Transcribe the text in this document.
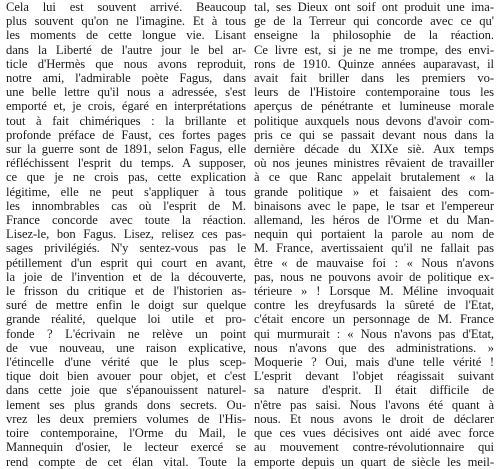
Cela lui est souvent arrivé. Beaucoup
plus souvent qu'on ne l'imagine. Et à tous
les moments de cette longue vie. Lisant
dans la Liberté de l'autre jour le bel ar-
ticle d'Hermès que nous avons reproduit,
notre ami, l'admirable poète Fagus, dans
une belle lettre qu'il nous a adressée, s'est
emporté et, je crois, égaré en interprétations
tout à fait chimériques : la brillante et
profonde préface de Faust, ces fortes pages
sur la guerre sont de 1891, selon Fagus, elle
réfléchissent l'esprit du temps. A supposer,
ce que je ne crois pas, cette explication
légitime, elle ne peut s'appliquer à tous
les innombrables cas où l'esprit de M.
France concorde avec toute la réaction.
Lisez-le, bon Fagus. Lisez, relisez ces pas-
sages privilégiés. N'y sentez-vous pas le
pétillement d'un esprit qui court en avant,
la joie de l'invention et de la découverte,
le frisson du critique et de l'historien as-
suré de mettre enfin le doigt sur quelque
grande réalité, quelque loi utile et pro-
fonde ? L'écrivain ne relève un point
de vue nouveau, une raison explicative,
l'étincelle d'une vérité que le plus scep-
tique doit bien avouer pour objet, et c'est
dans cette joie que s'épanouissent naturel-
lement ses plus grands dons secrets. Ou-
vrez les deux premiers volumes de l'His-
toire contemporaine, l'Orme du Mail, le
Mannequin d'osier, le lecteur exercé se
rend compte de cet élan vital. Toute la
tal, ses Dieux ont soif ont produit une ima-
ge de la Terreur qui concorde avec ce qu'
enseigne la philosophie de la réaction.
Ce livre est, si je ne me trompe, des envi-
rons de 1910. Quinze années auparavast, il
avait fait briller dans les premiers vo-
leurs de l'Histoire contemporaine tous les
aperçus de pénétrante et lumineuse morale
politique auxquels nous devons d'avoir com-
pris ce qui se passait devant nous dans la
dernière décade du XIXe siè. Aux temps
où nos jeunes ministres rêvaient de travailler
à ce que Ranc appelait brutalement « la
grande politique » et faisaient des com-
binaisons avec le pape, le tsar et l'empereur
allemand, les héros de l'Orme et du Man-
nequin qui portaient la parole au nom de
M. France, avertissaient qu'il ne fallait pas
être « de mauvaise foi : « Nous n'avons
pas, nous ne pouvons avoir de politique ex-
térieure » ! Lorsque M. Méline invoquait
contre les dreyfusards la sûreté de l'Etat,
c'était encore un personnage de M. France
qui murmurait : « Nous n'avons pas d'Etat,
nous n'avons que des administrations. »
Moquerie ? Oui, mais d'une telle vérité !
L'esprit devant l'objet réagissait suivant
sa nature d'esprit. Il était difficile de
n'être pas saisi. Nous l'avons été quant à
nous. Et nous avons le droit de déclarer
que ces vues décisives ont aidé avec force
au mouvement contre-révolutionnaire qui
emporte depuis un quart de siècle les meil-
